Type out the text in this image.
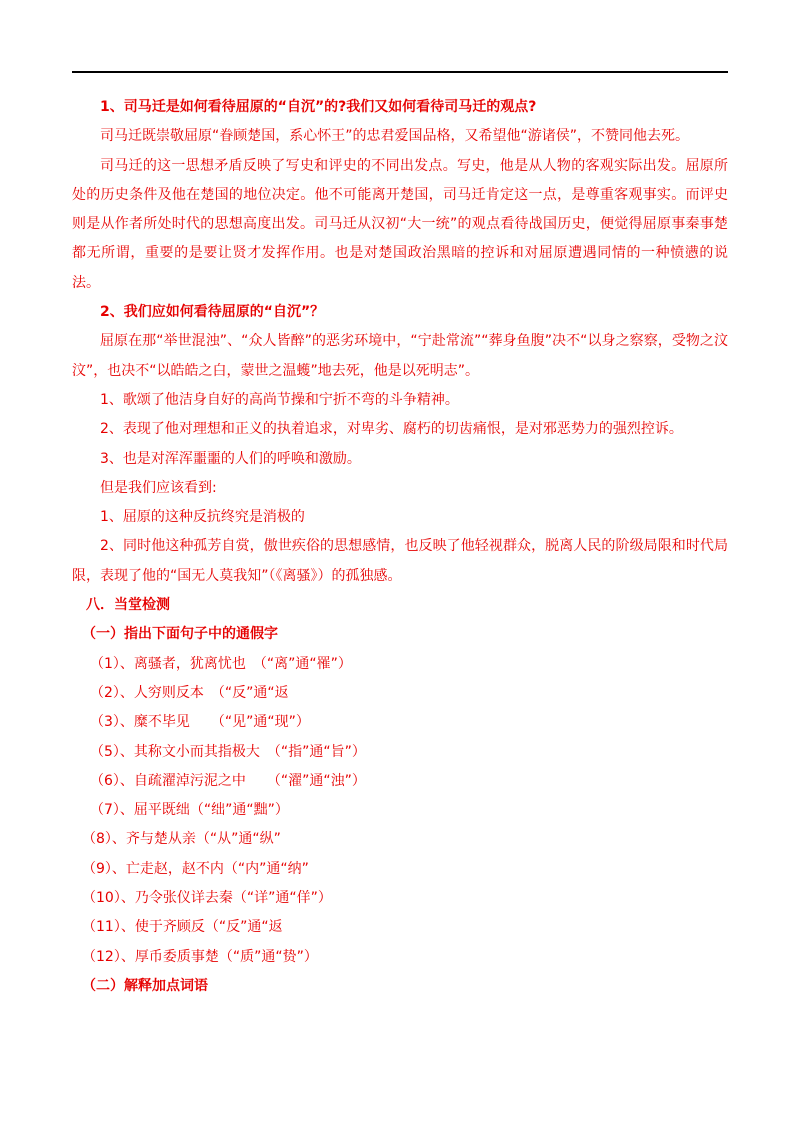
1、司马迁是如何看待屈原的“自沉”的?我们又如何看待司马迁的观点?

司马迁既崇敬屈原“眷顾楚国，系心怀王”的忠君爱国品格，又希望他“游诸侯”，不赞同他去死。

司马迁的这一思想矛盾反映了写史和评史的不同出发点。写史，他是从人物的客观实际出发。屈原所处的历史条件及他在楚国的地位决定。他不可能离开楚国，司马迁肯定这一点，是尊重客观事实。而评史则是从作者所处时代的思想高度出发。司马迁从汉初“大一统”的观点看待战国历史，便觉得屈原事秦事楚都无所谓，重要的是要让贤才发挥作用。也是对楚国政治黑暗的控诉和对屈原遭遇同情的一种愤懑的说法。

2、我们应如何看待屈原的“自沉”？

屈原在那“举世混浊”、“众人皆醉”的恶劣环境中，“宁赴常流”“葬身鱼腹”决不“以身之察察，受物之汶汶”，也决不“以皓皓之白，蒙世之温蠖”地去死，他是以死明志”。

1、歌颂了他洁身自好的高尚节操和宁折不弯的斗争精神。

2、表现了他对理想和正义的执着追求，对卑劣、腐朽的切齿痛恨，是对邪恶势力的强烈控诉。

3、也是对浑浑噩噩的人们的呼唤和激励。

但是我们应该看到:

1、屈原的这种反抗终究是消极的

2、同时他这种孤芳自赏，傲世疾俗的思想感情，也反映了他轻视群众，脱离人民的阶级局限和时代局限，表现了他的“国无人莫我知”（《离骚》）的孤独感。

八．当堂检测

（一）指出下面句子中的通假字

（1）、离骚者，犹离忧也　（“离”通“罹”）

（2）、人穷则反本　（“反”通“返

（3）、糜不毕见　　（“见”通“现”）

（5）、其称文小而其指极大　（“指”通“旨”）

（6）、自疏濯淖污泥之中　　（“濯”通“浊”）

（7）、屈平既绌（“绌”通“黜”）

（8）、齐与楚从亲（“从”通“纵”

（9）、亡走赵，赵不内（“内”通“纳”

（10）、乃令张仪详去秦（“详”通“佯”）

（11）、使于齐顾反（“反”通“返

（12）、厚币委质事楚（“质”通“贽”）

（二）解释加点词语
